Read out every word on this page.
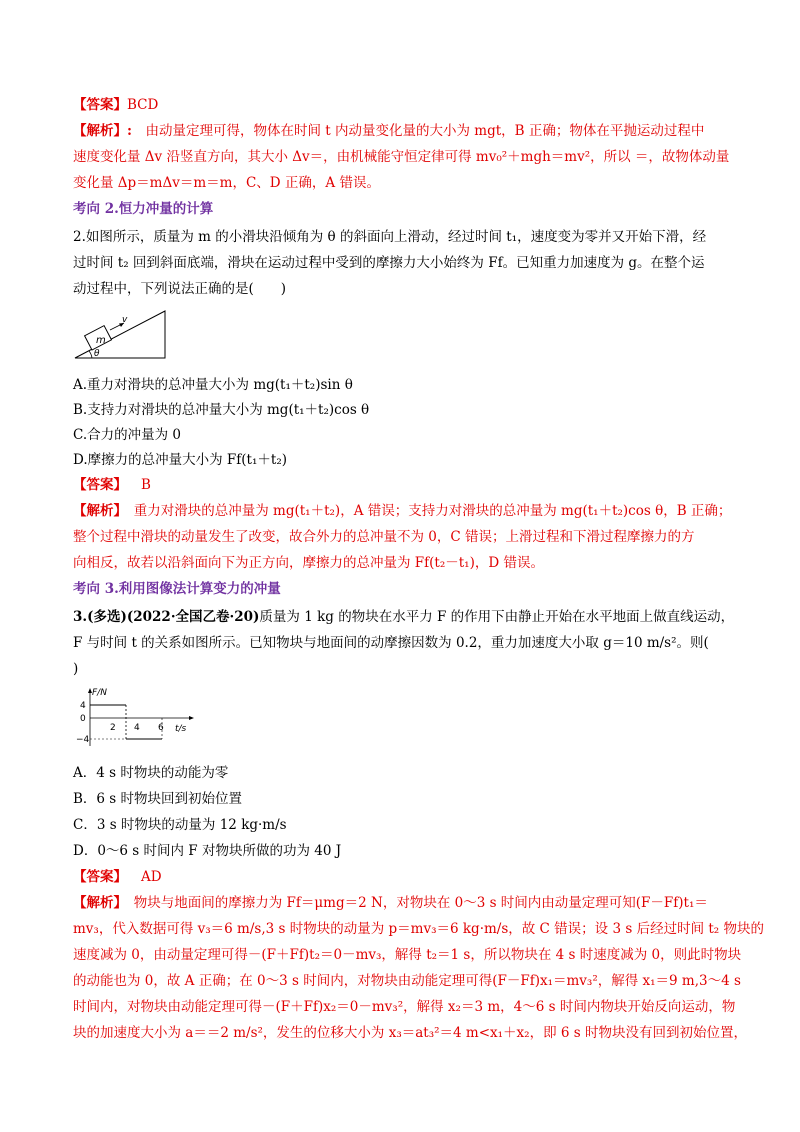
【答案】BCD
【解析】:　由动量定理可得，物体在时间 t 内动量变化量的大小为 mgt，B 正确；物体在平抛运动过程中
速度变化量 Δv 沿竖直方向，其大小 Δv＝，由机械能守恒定律可得 mv₀²＋mgh＝mv²，所以 ＝，故物体动量
变化量 Δp＝mΔv＝m＝m，C、D 正确，A 错误。
考向 2.恒力冲量的计算
2.如图所示，质量为 m 的小滑块沿倾角为 θ 的斜面向上滑动，经过时间 t₁，速度变为零并又开始下滑，经
过时间 t₂ 回到斜面底端，滑块在运动过程中受到的摩擦力大小始终为 Ff。已知重力加速度为 g。在整个运
动过程中，下列说法正确的是(　　)
m
v
θ
A.重力对滑块的总冲量大小为 mg(t₁＋t₂)sin θ
B.支持力对滑块的总冲量大小为 mg(t₁＋t₂)cos θ
C.合力的冲量为 0
D.摩擦力的总冲量大小为 Ff(t₁＋t₂)
【答案】 B
【解析】　重力对滑块的总冲量为 mg(t₁＋t₂)，A 错误；支持力对滑块的总冲量为 mg(t₁＋t₂)cos θ，B 正确；
整个过程中滑块的动量发生了改变，故合外力的总冲量不为 0，C 错误；上滑过程和下滑过程摩擦力的方
向相反，故若以沿斜面向下为正方向，摩擦力的总冲量为 Ff(t₂－t₁)，D 错误。
考向 3.利用图像法计算变力的冲量
3.(多选)(2022·全国乙卷·20)质量为 1 kg 的物块在水平力 F 的作用下由静止开始在水平地面上做直线运动，
F 与时间 t 的关系如图所示。已知物块与地面间的动摩擦因数为 0.2，重力加速度大小取 g＝10 m/s²。则(
)
F/N
t/s
4
0
−4
2 4 6
A．4 s 时物块的动能为零
B．6 s 时物块回到初始位置
C．3 s 时物块的动量为 12 kg·m/s
D．0～6 s 时间内 F 对物块所做的功为 40 J
【答案】 AD
【解析】　物块与地面间的摩擦力为 Ff＝μmg＝2 N，对物块在 0～3 s 时间内由动量定理可知(F－Ff)t₁＝
mv₃，代入数据可得 v₃＝6 m/s,3 s 时物块的动量为 p＝mv₃＝6 kg·m/s，故 C 错误；设 3 s 后经过时间 t₂ 物块的
速度减为 0，由动量定理可得－(F＋Ff)t₂＝0－mv₃，解得 t₂＝1 s，所以物块在 4 s 时速度减为 0，则此时物块
的动能也为 0，故 A 正确；在 0～3 s 时间内，对物块由动能定理可得(F－Ff)x₁＝mv₃²，解得 x₁＝9 m,3～4 s
时间内，对物块由动能定理可得－(F＋Ff)x₂＝0－mv₃²，解得 x₂＝3 m，4～6 s 时间内物块开始反向运动，物
块的加速度大小为 a＝＝2 m/s²，发生的位移大小为 x₃＝at₃²＝4 m<x₁＋x₂，即 6 s 时物块没有回到初始位置，
